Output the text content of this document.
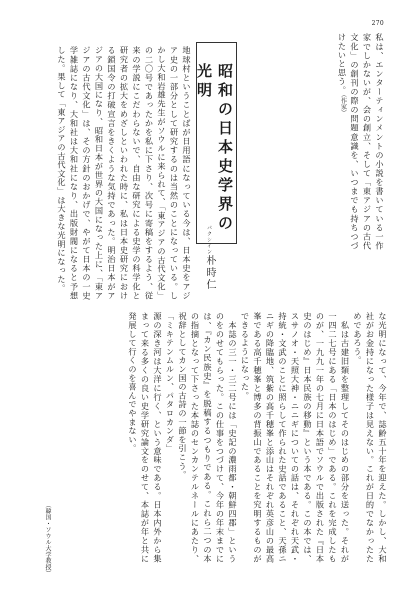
270
私は、エンターティンメントの小説を書いている一作家でしかないが、会の創立、そして「東アジアの古代文化」の創刊の際の問題意識を、いつまでも持ちつづけたいと思う。（作家）
昭和の日本史学界の光明
パクシイン朴時仁
地球村ということばが日用語になっている今は、日本史をアジア史の一部分として研究するのは当然のことになっている。しかし大和岩雄先生がソウルに来られて、「東アジアの古代文化」の二〇号であったかを私に下さり、次号に寄稿をするよう、従来の学説にこだわらないで、自由な研究による史学の科学化と研究者の拡大をめざしといわれた時に、私は日本史研究における鎖国令の打破宣言をきくような気持であった。明治日本がアジアの大国になり、昭和日本が世界の大国になった上に、「東アジアの古代文化」は、その方針のおかげで、やがて日本の一史学雑誌になり、大和社は大和社になり、出版財閥になると予想した。果して「東アジアの古代文化」は大きな光明になった。
な光明になって、今年で、誌齢五十年を迎えた。しかし、大和社がお金持になった様子は見えない。これが日的でなかったためであろう。
　私は古建旧類を整理してそのはじめの部分を送った。それが一四二七号にある「日本のはじめ」である。これを完成したものが、一九九一年の七月に日本語でソウルで出版された『日本史のはじめ』日本民族の移動』という本である。この本では、スサノオ・天照大神・ニニギについての話は、それぞれ天武・持統・文武のことに照らして作られた史話であること、天孫ニニギの降臨地、筑紫の高千穂峯と添山はそれぞれ英彦山の最高峯である高千穂峯と博多の背振山であることを究明するものができるようになった。
　本誌の三一・三二号には「史記の濃雨都・朝鮮四郡」というのをのせてもらった。この仕事をつづけて、今年の年末までには、『カン民族史』を脱稿するつもりである。これら二つの本の指摘となって下さった本誌のセンカンテルネールにあたり、祝辞としてカン国の古詩の一節を引こう。
「ミキテンムルン、パタロカンダ」
源の深き河は大洋に行く、という意味である。日本内外から集まって来る多くの良い史学研究論文をのせて、本誌が年と共に発展して行くのを喜んでやまない。
（韓国・ソウル大学教授）
